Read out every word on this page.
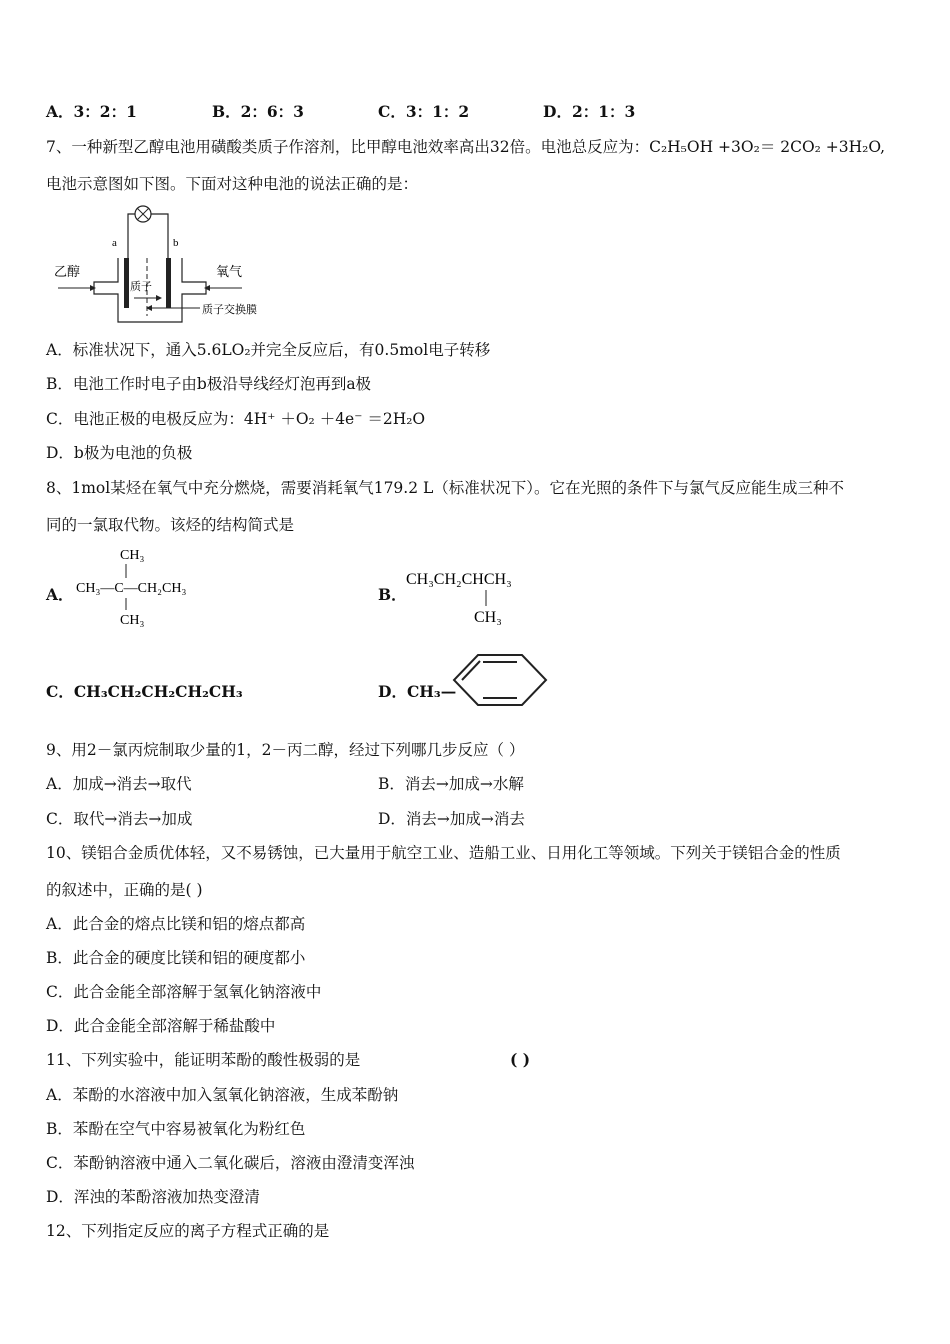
A．3：2：1	B．2：6：3	C．3：1：2	D．2：1：3
7、一种新型乙醇电池用磺酸类质子作溶剂，比甲醇电池效率高出32倍。电池总反应为：C₂H₅OH +3O₂＝ 2CO₂ +3H₂O,
电池示意图如下图。下面对这种电池的说法正确的是：
a	b
乙醇	氧气
质子
质子交换膜
A．标准状况下，通入5.6LO₂并完全反应后，有0.5mol电子转移
B．电池工作时电子由b极沿导线经灯泡再到a极
C．电池正极的电极反应为：4H⁺ ＋O₂ ＋4e⁻ ＝2H₂O
D．b极为电池的负极
8、1mol某烃在氧气中充分燃烧，需要消耗氧气179.2 L（标准状况下）。它在光照的条件下与氯气反应能生成三种不
同的一氯取代物。该烃的结构简式是
A．
CH₃
CH₃—C—CH₂CH₃
CH₃
B．
CH₃CH₂CHCH₃
CH₃
C．CH₃CH₂CH₂CH₂CH₃	D．CH₃—
9、用2－氯丙烷制取少量的1，2－丙二醇，经过下列哪几步反应（ ）
A．加成→消去→取代	B．消去→加成→水解
C．取代→消去→加成	D．消去→加成→消去
10、镁铝合金质优体轻，又不易锈蚀，已大量用于航空工业、造船工业、日用化工等领域。下列关于镁铝合金的性质
的叙述中，正确的是( )
A．此合金的熔点比镁和铝的熔点都高
B．此合金的硬度比镁和铝的硬度都小
C．此合金能全部溶解于氢氧化钠溶液中
D．此合金能全部溶解于稀盐酸中
11、下列实验中，能证明苯酚的酸性极弱的是	( )
A．苯酚的水溶液中加入氢氧化钠溶液，生成苯酚钠
B．苯酚在空气中容易被氧化为粉红色
C．苯酚钠溶液中通入二氧化碳后，溶液由澄清变浑浊
D．浑浊的苯酚溶液加热变澄清
12、下列指定反应的离子方程式正确的是
